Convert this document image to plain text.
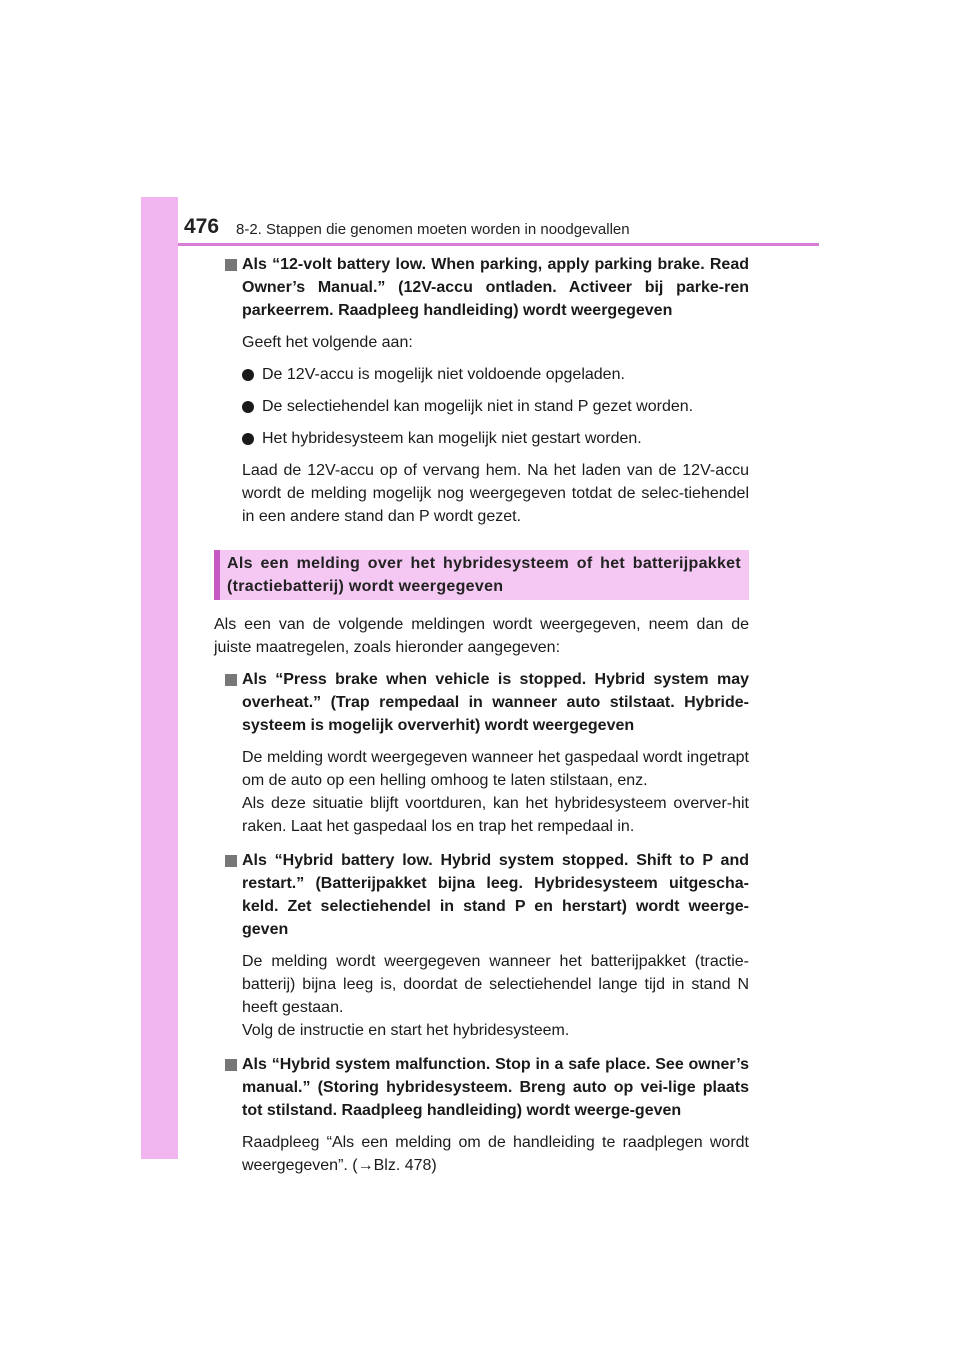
476 8-2. Stappen die genomen moeten worden in noodgevallen
Als “12-volt battery low. When parking, apply parking brake. Read Owner’s Manual.” (12V-accu ontladen. Activeer bij parke-ren parkeerrem. Raadpleeg handleiding) wordt weergegeven
Geeft het volgende aan:
De 12V-accu is mogelijk niet voldoende opgeladen.
De selectiehendel kan mogelijk niet in stand P gezet worden.
Het hybridesysteem kan mogelijk niet gestart worden.
Laad de 12V-accu op of vervang hem. Na het laden van de 12V-accu wordt de melding mogelijk nog weergegeven totdat de selec-tiehendel in een andere stand dan P wordt gezet.
Als een melding over het hybridesysteem of het batterijpakket (tractiebatterij) wordt weergegeven
Als een van de volgende meldingen wordt weergegeven, neem dan de juiste maatregelen, zoals hieronder aangegeven:
Als “Press brake when vehicle is stopped. Hybrid system may overheat.” (Trap rempedaal in wanneer auto stilstaat. Hybride-systeem is mogelijk oververhit) wordt weergegeven
De melding wordt weergegeven wanneer het gaspedaal wordt ingetrapt om de auto op een helling omhoog te laten stilstaan, enz.
Als deze situatie blijft voortduren, kan het hybridesysteem overver-hit raken. Laat het gaspedaal los en trap het rempedaal in.
Als “Hybrid battery low. Hybrid system stopped. Shift to P and restart.” (Batterijpakket bijna leeg. Hybridesysteem uitgescha-keld. Zet selectiehendel in stand P en herstart) wordt weerge-geven
De melding wordt weergegeven wanneer het batterijpakket (tractie-batterij) bijna leeg is, doordat de selectiehendel lange tijd in stand N heeft gestaan.
Volg de instructie en start het hybridesysteem.
Als “Hybrid system malfunction. Stop in a safe place. See owner’s manual.” (Storing hybridesysteem. Breng auto op vei-lige plaats tot stilstand. Raadpleeg handleiding) wordt weerge-geven
Raadpleeg “Als een melding om de handleiding te raadplegen wordt weergegeven”. (→Blz. 478)
